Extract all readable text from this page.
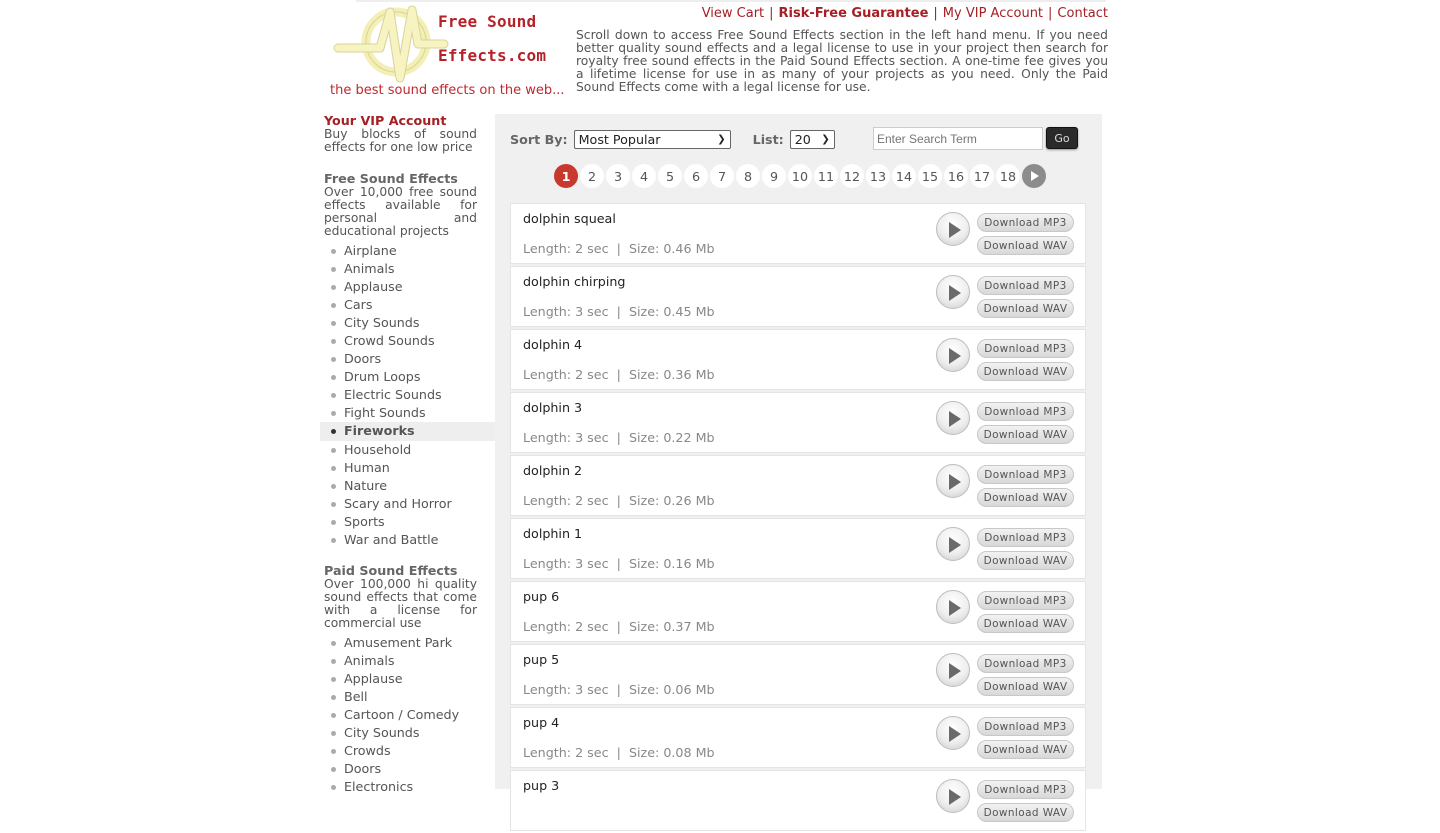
Free Sound
Effects.com
the best sound effects on the web...
View Cart | Risk-Free Guarantee | My VIP Account | Contact

Scroll down to access Free Sound Effects section in the left hand menu. If you need better quality sound effects and a legal license to use in your project then search for royalty free sound effects in the Paid Sound Effects section. A one-time fee gives you a lifetime license for use in as many of your projects as you need. Only the Paid Sound Effects come with a legal license for use.

Your VIP Account
Buy blocks of sound effects for one low price
Free Sound Effects
Over 10,000 free sound effects available for personal and educational projects
Airplane
Animals
Applause
Cars
City Sounds
Crowd Sounds
Doors
Drum Loops
Electric Sounds
Fight Sounds
Fireworks
Household
Human
Nature
Scary and Horror
Sports
War and Battle
Paid Sound Effects
Over 100,000 hi quality sound effects that come with a license for commercial use
Amusement Park
Animals
Applause
Bell
Cartoon / Comedy
City Sounds
Crowds
Doors
Electronics
Sort By: Most Popular	❯ List: 20 ❯
Enter Search Term	Go
1	2	3	4	5	6	7	8	9	10 11 12 13 14 15 16 17 18
dolphin squeal
Length: 2 sec  |  Size: 0.46 Mb
Download MP3
Download WAV
dolphin chirping
Length: 3 sec  |  Size: 0.45 Mb
Download MP3
Download WAV
dolphin 4
Length: 2 sec  |  Size: 0.36 Mb
Download MP3
Download WAV
dolphin 3
Length: 3 sec  |  Size: 0.22 Mb
Download MP3
Download WAV
dolphin 2
Length: 2 sec  |  Size: 0.26 Mb
Download MP3
Download WAV
dolphin 1
Length: 3 sec  |  Size: 0.16 Mb
Download MP3
Download WAV
pup 6
Length: 2 sec  |  Size: 0.37 Mb
Download MP3
Download WAV
pup 5
Length: 3 sec  |  Size: 0.06 Mb
Download MP3
Download WAV
pup 4
Length: 2 sec  |  Size: 0.08 Mb
Download MP3
Download WAV
pup 3	Download MP3
Download WAV
